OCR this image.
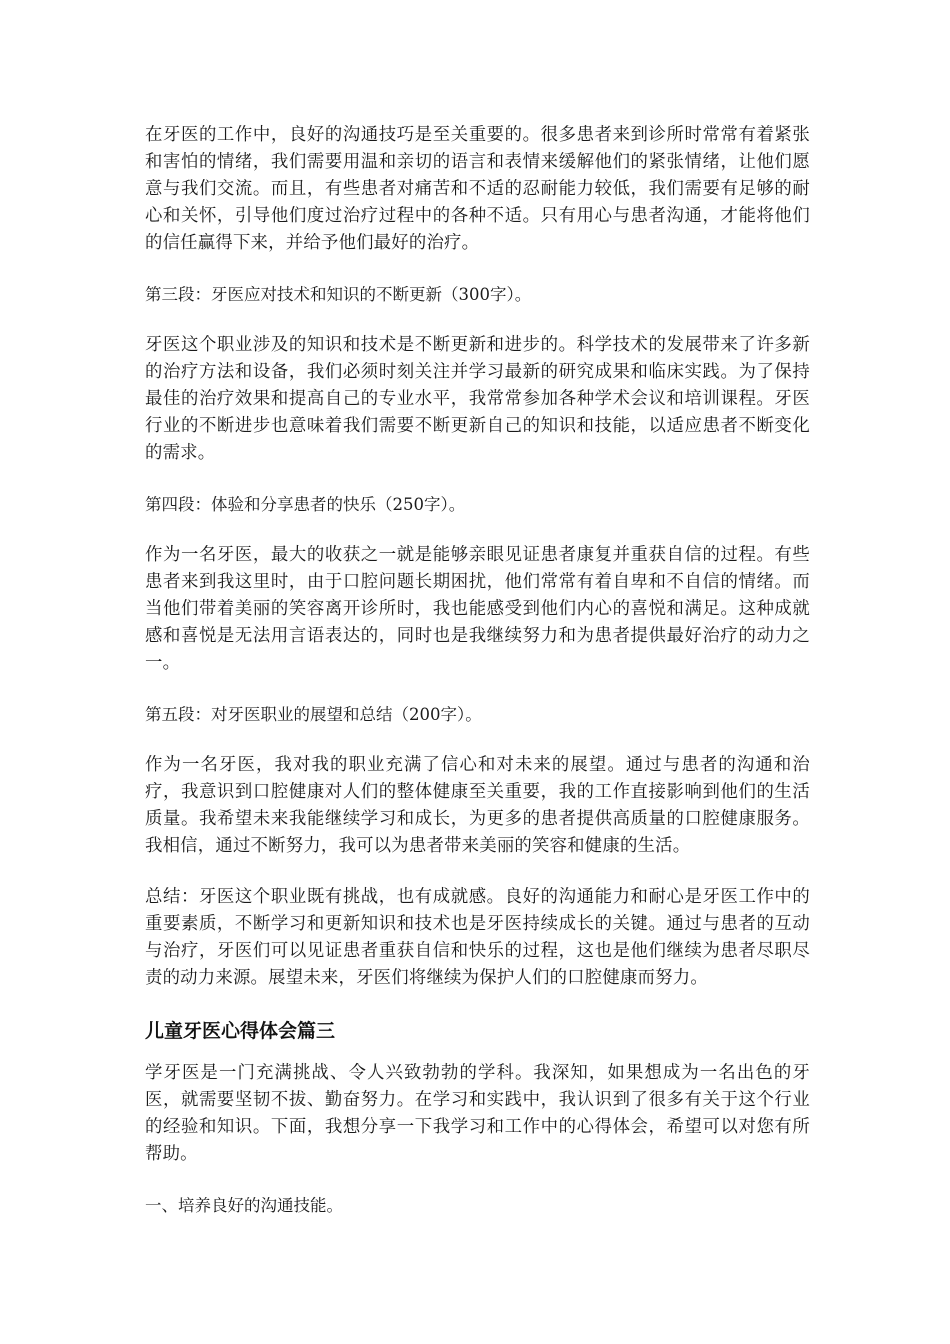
在牙医的工作中，良好的沟通技巧是至关重要的。很多患者来到诊所时常常有着紧张和害怕的情绪，我们需要用温和亲切的语言和表情来缓解他们的紧张情绪，让他们愿意与我们交流。而且，有些患者对痛苦和不适的忍耐能力较低，我们需要有足够的耐心和关怀，引导他们度过治疗过程中的各种不适。只有用心与患者沟通，才能将他们的信任赢得下来，并给予他们最好的治疗。

第三段：牙医应对技术和知识的不断更新（300字）。

牙医这个职业涉及的知识和技术是不断更新和进步的。科学技术的发展带来了许多新的治疗方法和设备，我们必须时刻关注并学习最新的研究成果和临床实践。为了保持最佳的治疗效果和提高自己的专业水平，我常常参加各种学术会议和培训课程。牙医行业的不断进步也意味着我们需要不断更新自己的知识和技能，以适应患者不断变化的需求。

第四段：体验和分享患者的快乐（250字）。

作为一名牙医，最大的收获之一就是能够亲眼见证患者康复并重获自信的过程。有些患者来到我这里时，由于口腔问题长期困扰，他们常常有着自卑和不自信的情绪。而当他们带着美丽的笑容离开诊所时，我也能感受到他们内心的喜悦和满足。这种成就感和喜悦是无法用言语表达的，同时也是我继续努力和为患者提供最好治疗的动力之一。

第五段：对牙医职业的展望和总结（200字）。

作为一名牙医，我对我的职业充满了信心和对未来的展望。通过与患者的沟通和治疗，我意识到口腔健康对人们的整体健康至关重要，我的工作直接影响到他们的生活质量。我希望未来我能继续学习和成长，为更多的患者提供高质量的口腔健康服务。我相信，通过不断努力，我可以为患者带来美丽的笑容和健康的生活。

总结：牙医这个职业既有挑战，也有成就感。良好的沟通能力和耐心是牙医工作中的重要素质，不断学习和更新知识和技术也是牙医持续成长的关键。通过与患者的互动与治疗，牙医们可以见证患者重获自信和快乐的过程，这也是他们继续为患者尽职尽责的动力来源。展望未来，牙医们将继续为保护人们的口腔健康而努力。

儿童牙医心得体会篇三

学牙医是一门充满挑战、令人兴致勃勃的学科。我深知，如果想成为一名出色的牙医，就需要坚韧不拔、勤奋努力。在学习和实践中，我认识到了很多有关于这个行业的经验和知识。下面，我想分享一下我学习和工作中的心得体会，希望可以对您有所帮助。

一、培养良好的沟通技能。
